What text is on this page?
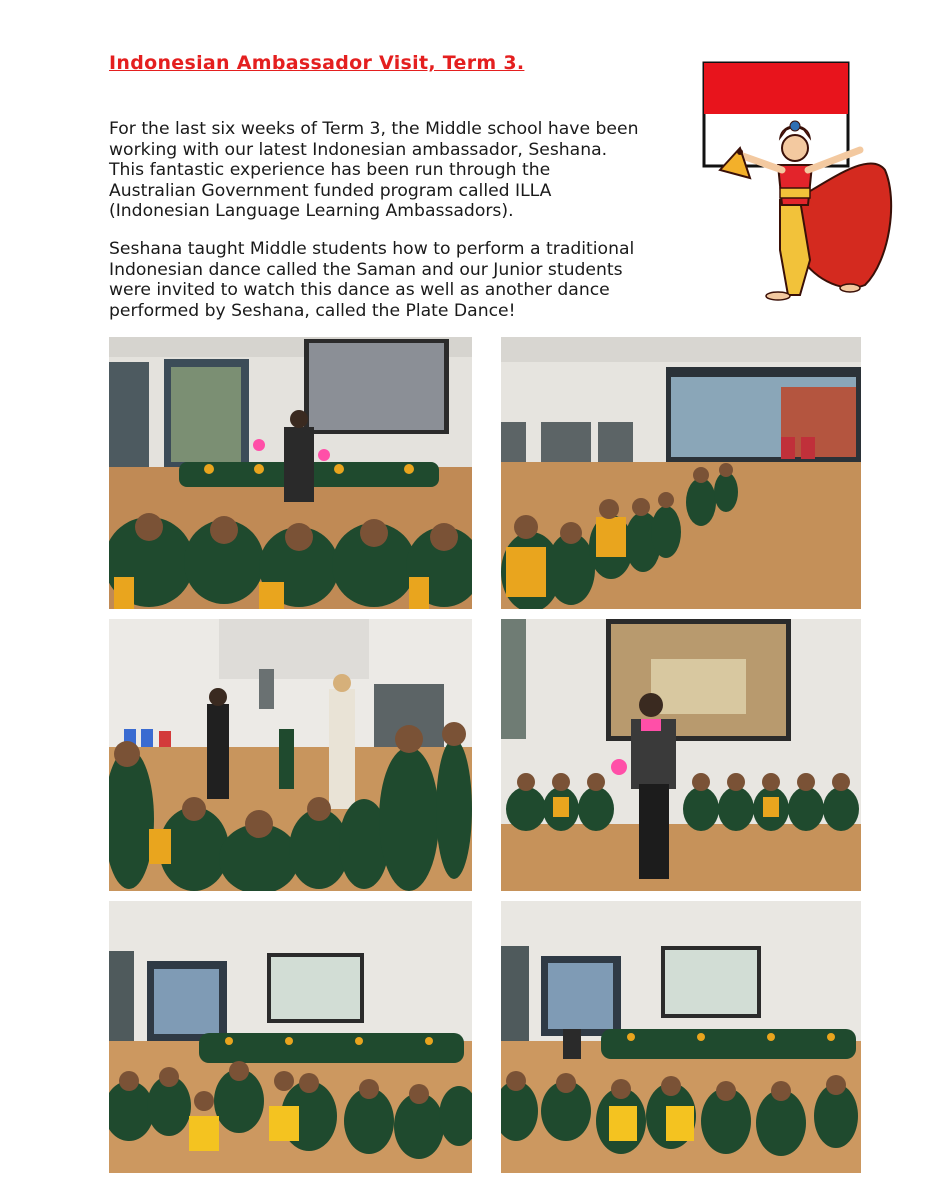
Indonesian Ambassador Visit, Term 3.

For the last six weeks of Term 3, the Middle school have been
working with our latest Indonesian ambassador, Seshana.
This fantastic experience has been run through the
Australian Government funded program called ILLA
(Indonesian Language Learning Ambassadors).

Seshana taught Middle students how to perform a traditional
Indonesian dance called the Saman and our Junior students
were invited to watch this dance as well as another dance
performed by Seshana, called the Plate Dance!
